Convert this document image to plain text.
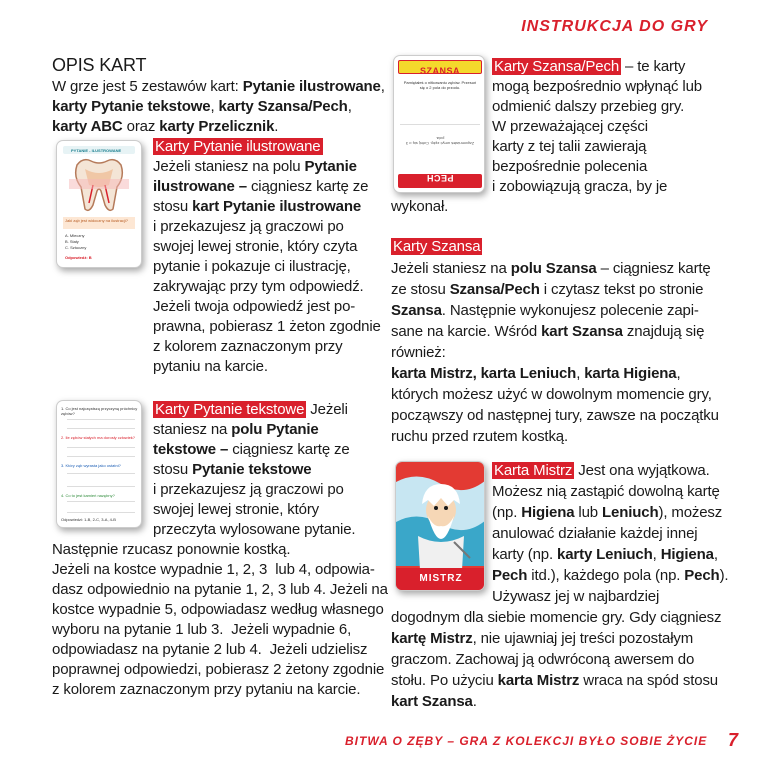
INSTRUKCJA DO GRY
OPIS KART
W grze jest 5 zestawów kart: Pytanie ilustrowane,
karty Pytanie tekstowe, karty Szansa/Pech,
karty ABC oraz karty Przelicznik.
PYTANIE - ILUSTROWANE
Jaki ząb jest widoczny na ilustracji?
A. Mleczny
B. Stały
C. Sztuczny
Odpowiedź: B
Karty Pytanie ilustrowane
Jeżeli staniesz na polu Pytanie
ilustrowane – ciągniesz kartę ze
stosu kart Pytanie ilustrowane
i przekazujesz ją graczowi po
swojej lewej stronie, który czyta
pytanie i pokazuje ci ilustrację,
zakrywając przy tym odpowiedź.
Jeżeli twoja odpowiedź jest po-
prawna, pobierasz 1 żeton zgodnie
z kolorem zaznaczonym przy
pytaniu na karcie.
1. Co jest najczęstszą przyczyną próchnicy zębów?
2. Ile zębów stałych ma dorosły człowiek?
3. Który ząb wyrasta jako ostatni?
4. Co to jest kamień nazębny?
Odpowiedzi: 1-B, 2-C, 3-A, 4-B
Karty Pytanie tekstowe Jeżeli
staniesz na polu Pytanie
tekstowe – ciągniesz kartę ze
stosu Pytanie tekstowe
i przekazujesz ją graczowi po
swojej lewej stronie, który
przeczyta wylosowane pytanie.
Następnie rzucasz ponownie kostką.
Jeżeli na kostce wypadnie 1, 2, 3  lub 4, odpowia-
dasz odpowiednio na pytanie 1, 2, 3 lub 4. Jeżeli na
kostce wypadnie 5, odpowiadasz według własnego
wyboru na pytanie 1 lub 3.  Jeżeli wypadnie 6,
odpowiadasz na pytanie 2 lub 4.  Jeżeli udzielisz
poprawnej odpowiedzi, pobierasz 2 żetony zgodnie
z kolorem zaznaczonym przy pytaniu na karcie.
SZANSA
Pamiętałeś o nitkowaniu zębów. Przesuń się o 2 pola do przodu.
Zapomniałeś umyć zęby. Cofnij się o 3 pola.
PECH
Karty Szansa/Pech – te karty
mogą bezpośrednio wpłynąć lub
odmienić dalszy przebieg gry.
W przeważającej części
karty z tej talii zawierają
bezpośrednie polecenia
i zobowiązują gracza, by je
wykonał.
Karty Szansa
Jeżeli staniesz na polu Szansa – ciągniesz kartę
ze stosu Szansa/Pech i czytasz tekst po stronie
Szansa. Następnie wykonujesz polecenie zapi-
sane na karcie. Wśród kart Szansa znajdują się
również:
karta Mistrz, karta Leniuch, karta Higiena,
których możesz użyć w dowolnym momencie gry,
począwszy od następnej tury, zawsze na początku
ruchu przed rzutem kostką.
MISTRZ
Karta Mistrz Jest ona wyjątkowa.
Możesz nią zastąpić dowolną kartę
(np. Higiena lub Leniuch), możesz
anulować działanie każdej innej
karty (np. karty Leniuch, Higiena,
Pech itd.), każdego pola (np. Pech).
Używasz jej w najbardziej
dogodnym dla siebie momencie gry. Gdy ciągniesz
kartę Mistrz, nie ujawniaj jej treści pozostałym
graczom. Zachowaj ją odwróconą awersem do
stołu. Po użyciu karta Mistrz wraca na spód stosu
kart Szansa.
BITWA O ZĘBY – GRA Z KOLEKCJI BYŁO SOBIE ŻYCIE 7
